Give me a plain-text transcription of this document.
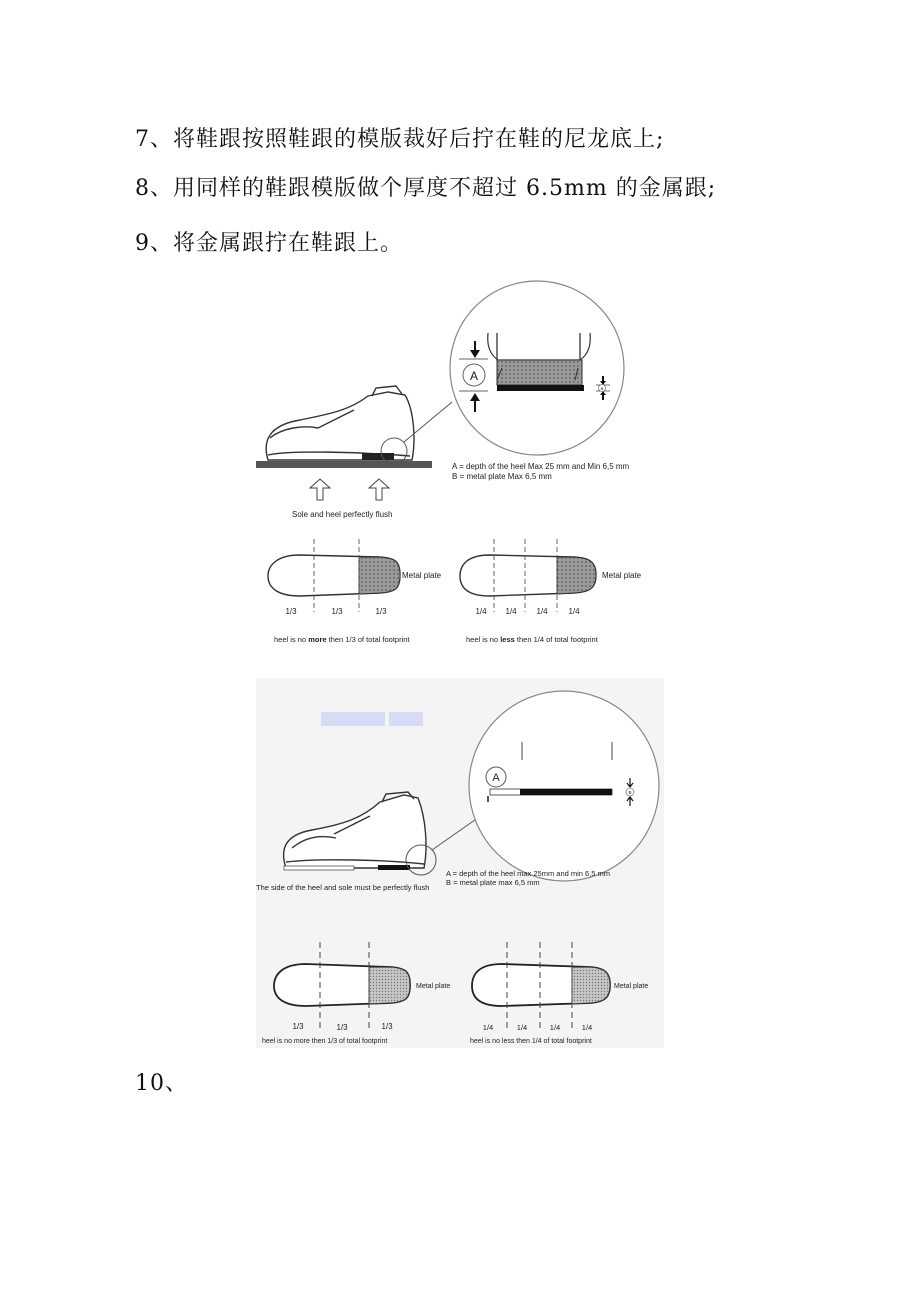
7、将鞋跟按照鞋跟的模版裁好后拧在鞋的尼龙底上;
8、用同样的鞋跟模版做个厚度不超过 6.5mm 的金属跟;
9、将金属跟拧在鞋跟上。
A
B
A = depth of the heel Max 25 mm and Min 6,5 mm
B = metal plate Max 6,5 mm
Sole and heel perfectly flush
Metal plate
1/3	1/3	1/3
heel is no more then 1/3 of total footprint
Metal plate
1/4 1/4 1/4	1/4
heel is no less then 1/4 of total footprint
A
B
A = depth of the heel max 25mm and min 6,5 mm
B = metal plate max 6,5 mm
The side of the heel and sole must be perfectly flush
Metal plate
1/3	1/3	1/3
heel is no more then 1/3 of total footprint
Metal plate
1/4	1/4	1/4	1/4
heel is no less then 1/4 of total footprint
10、
